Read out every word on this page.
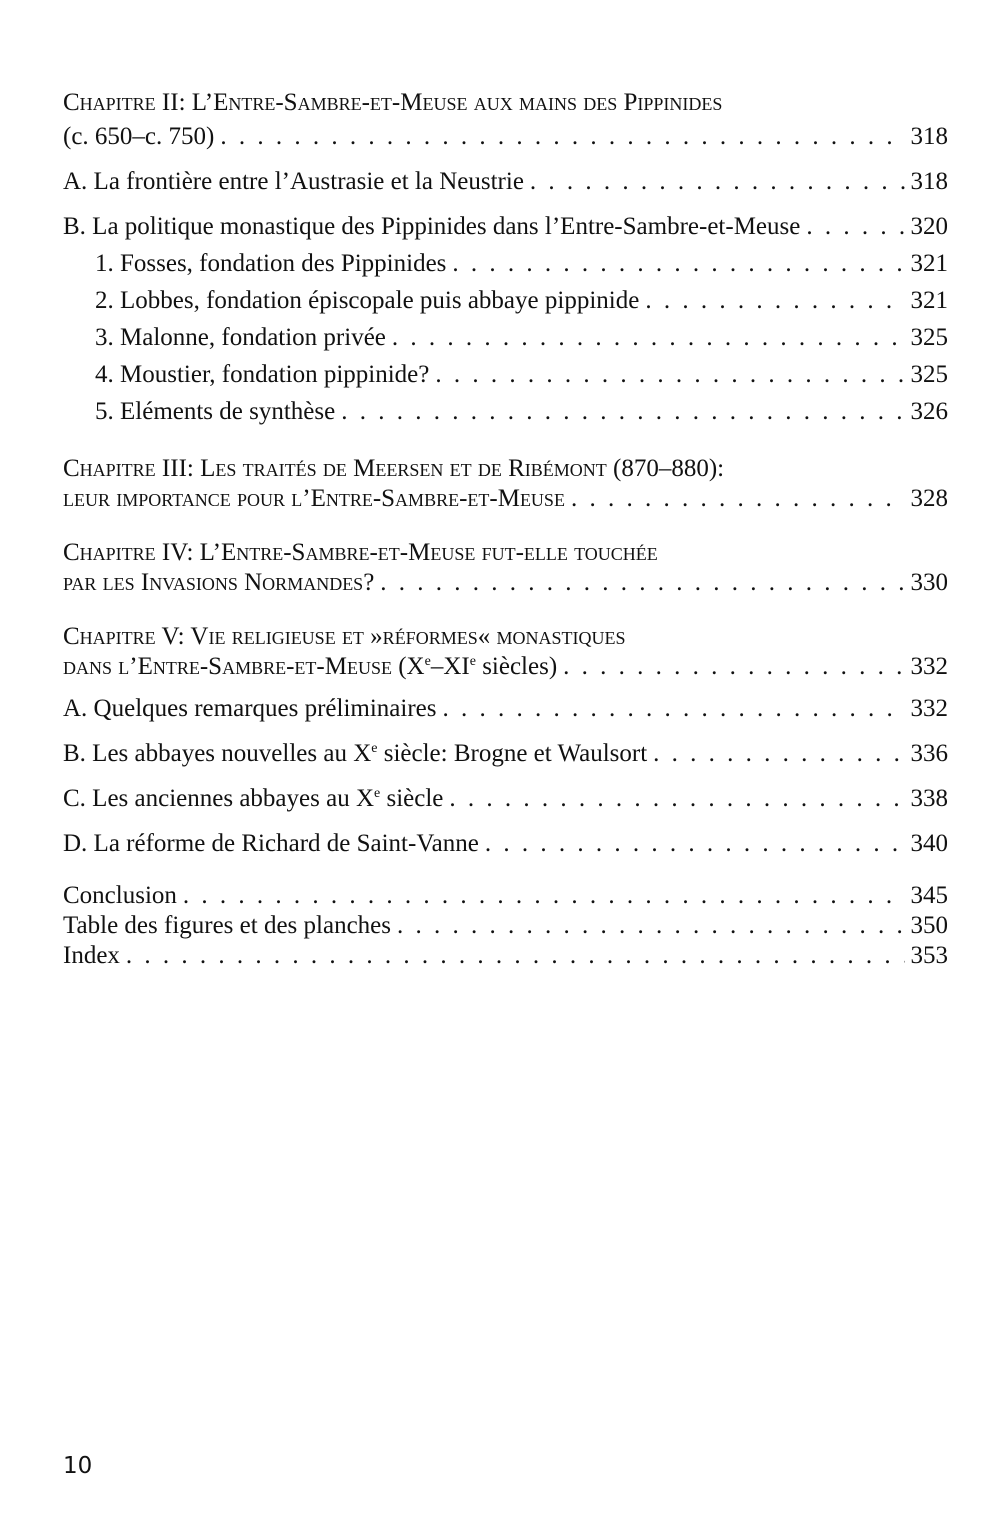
Chapitre II: L’Entre-Sambre-et-Meuse aux mains des Pippinides
(c. 650–c. 750) . . .	318
A. La frontière entre l’Austrasie et la Neustrie . . .	318
B. La politique monastique des Pippinides dans l’Entre-Sambre-et-Meuse . . .	320
1. Fosses, fondation des Pippinides . . .	321
2. Lobbes, fondation épiscopale puis abbaye pippinide . . .	321
3. Malonne, fondation privée . . .	325
4. Moustier, fondation pippinide? . . .	325
5. Eléments de synthèse . . .	326
Chapitre III: Les traités de Meersen et de Ribémont (870–880):
leur importance pour l’Entre-Sambre-et-Meuse . . .	328
Chapitre IV: L’Entre-Sambre-et-Meuse fut-elle touchée
par les Invasions Normandes? . . .	330
Chapitre V: Vie religieuse et »réformes« monastiques
dans l’Entre-Sambre-et-Meuse (Xe–XIe siècles) . . .	332
A. Quelques remarques préliminaires . . .	332
B. Les abbayes nouvelles au Xe siècle: Brogne et Waulsort . . .	336
C. Les anciennes abbayes au Xe siècle . . .	338
D. La réforme de Richard de Saint-Vanne . . .	340
Conclusion . . .	345
Table des figures et des planches . . .	350
Index . . .	353
10
